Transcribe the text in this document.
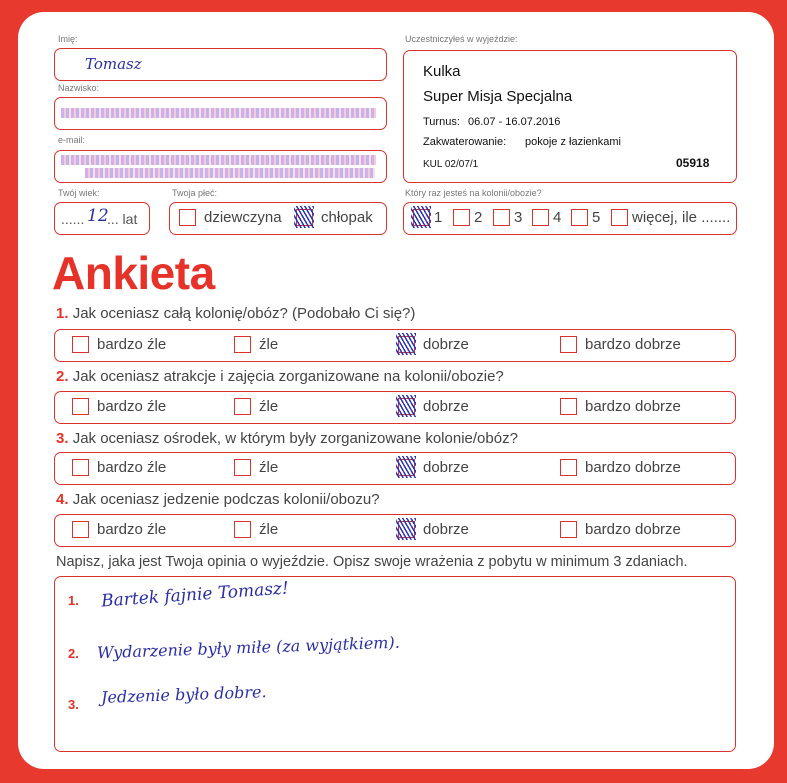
Imię:
Tomasz
Nazwisko:
e-mail:
Twój wiek:
...... 12
... lat
Twoja płeć:
dziewczyna	chłopak
Uczestniczyłeś w wyjeździe:
Kulka
Super Misja Specjalna
Turnus: 06.07 - 16.07.2016
Zakwaterowanie: pokoje z łazienkami
KUL 02/07/1	05918
Który raz jesteś na kolonii/obozie?
1 2 3 4 5 więcej, ile .......
Ankieta
1. Jak oceniasz całą kolonię/obóz? (Podobało Ci się?)
bardzo źle	źle	dobrze	bardzo dobrze
2. Jak oceniasz atrakcje i zajęcia zorganizowane na kolonii/obozie?
bardzo źle	źle	dobrze	bardzo dobrze
3. Jak oceniasz ośrodek, w którym były zorganizowane kolonie/obóz?
bardzo źle	źle	dobrze	bardzo dobrze
4. Jak oceniasz jedzenie podczas kolonii/obozu?
bardzo źle	źle	dobrze	bardzo dobrze
Napisz, jaka jest Twoja opinia o wyjeździe. Opisz swoje wrażenia z pobytu w minimum 3 zdaniach.
1. Bartek fajnie Tomasz!
2. Wydarzenie były miłe (za wyjątkiem).
3. Jedzenie było dobre.
